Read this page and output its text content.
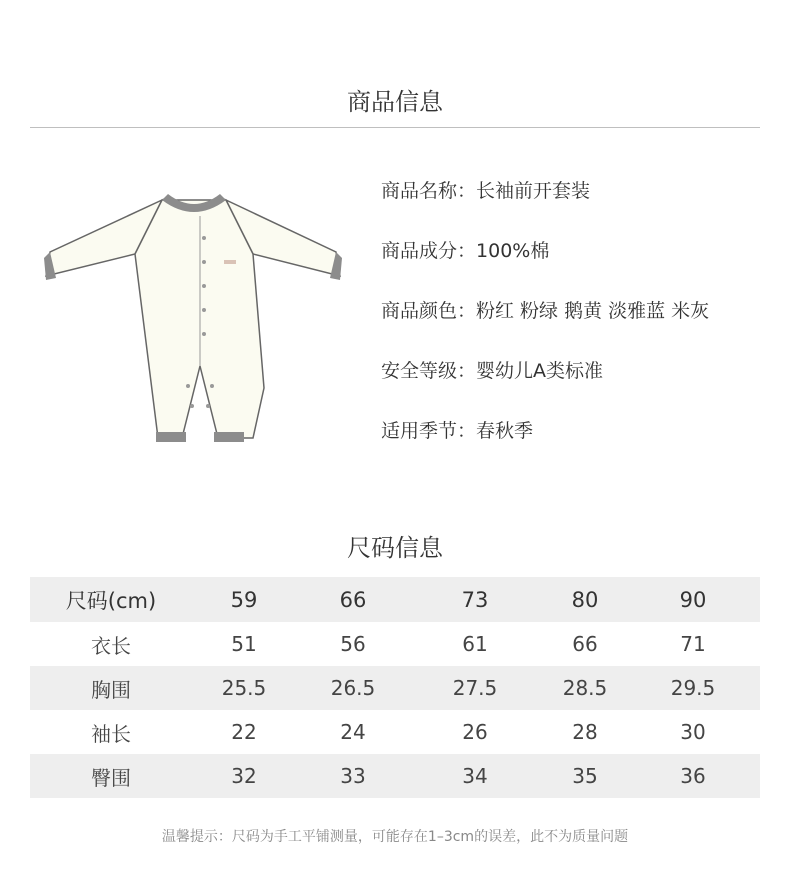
商品信息
商品名称：长袖前开套装
商品成分：100%棉
商品颜色：粉红 粉绿 鹅黄 淡雅蓝 米灰
安全等级：婴幼儿A类标准
适用季节：春秋季
尺码信息
尺码(cm)	59	66	73	80	90	
衣长	51	56	61	66	71	
胸围	25.5	26.5	27.5	28.5	29.5	
袖长	22	24	26	28	30	
臀围	32	33	34	35	36	
温馨提示：尺码为手工平铺测量，可能存在1–3cm的误差，此不为质量问题
